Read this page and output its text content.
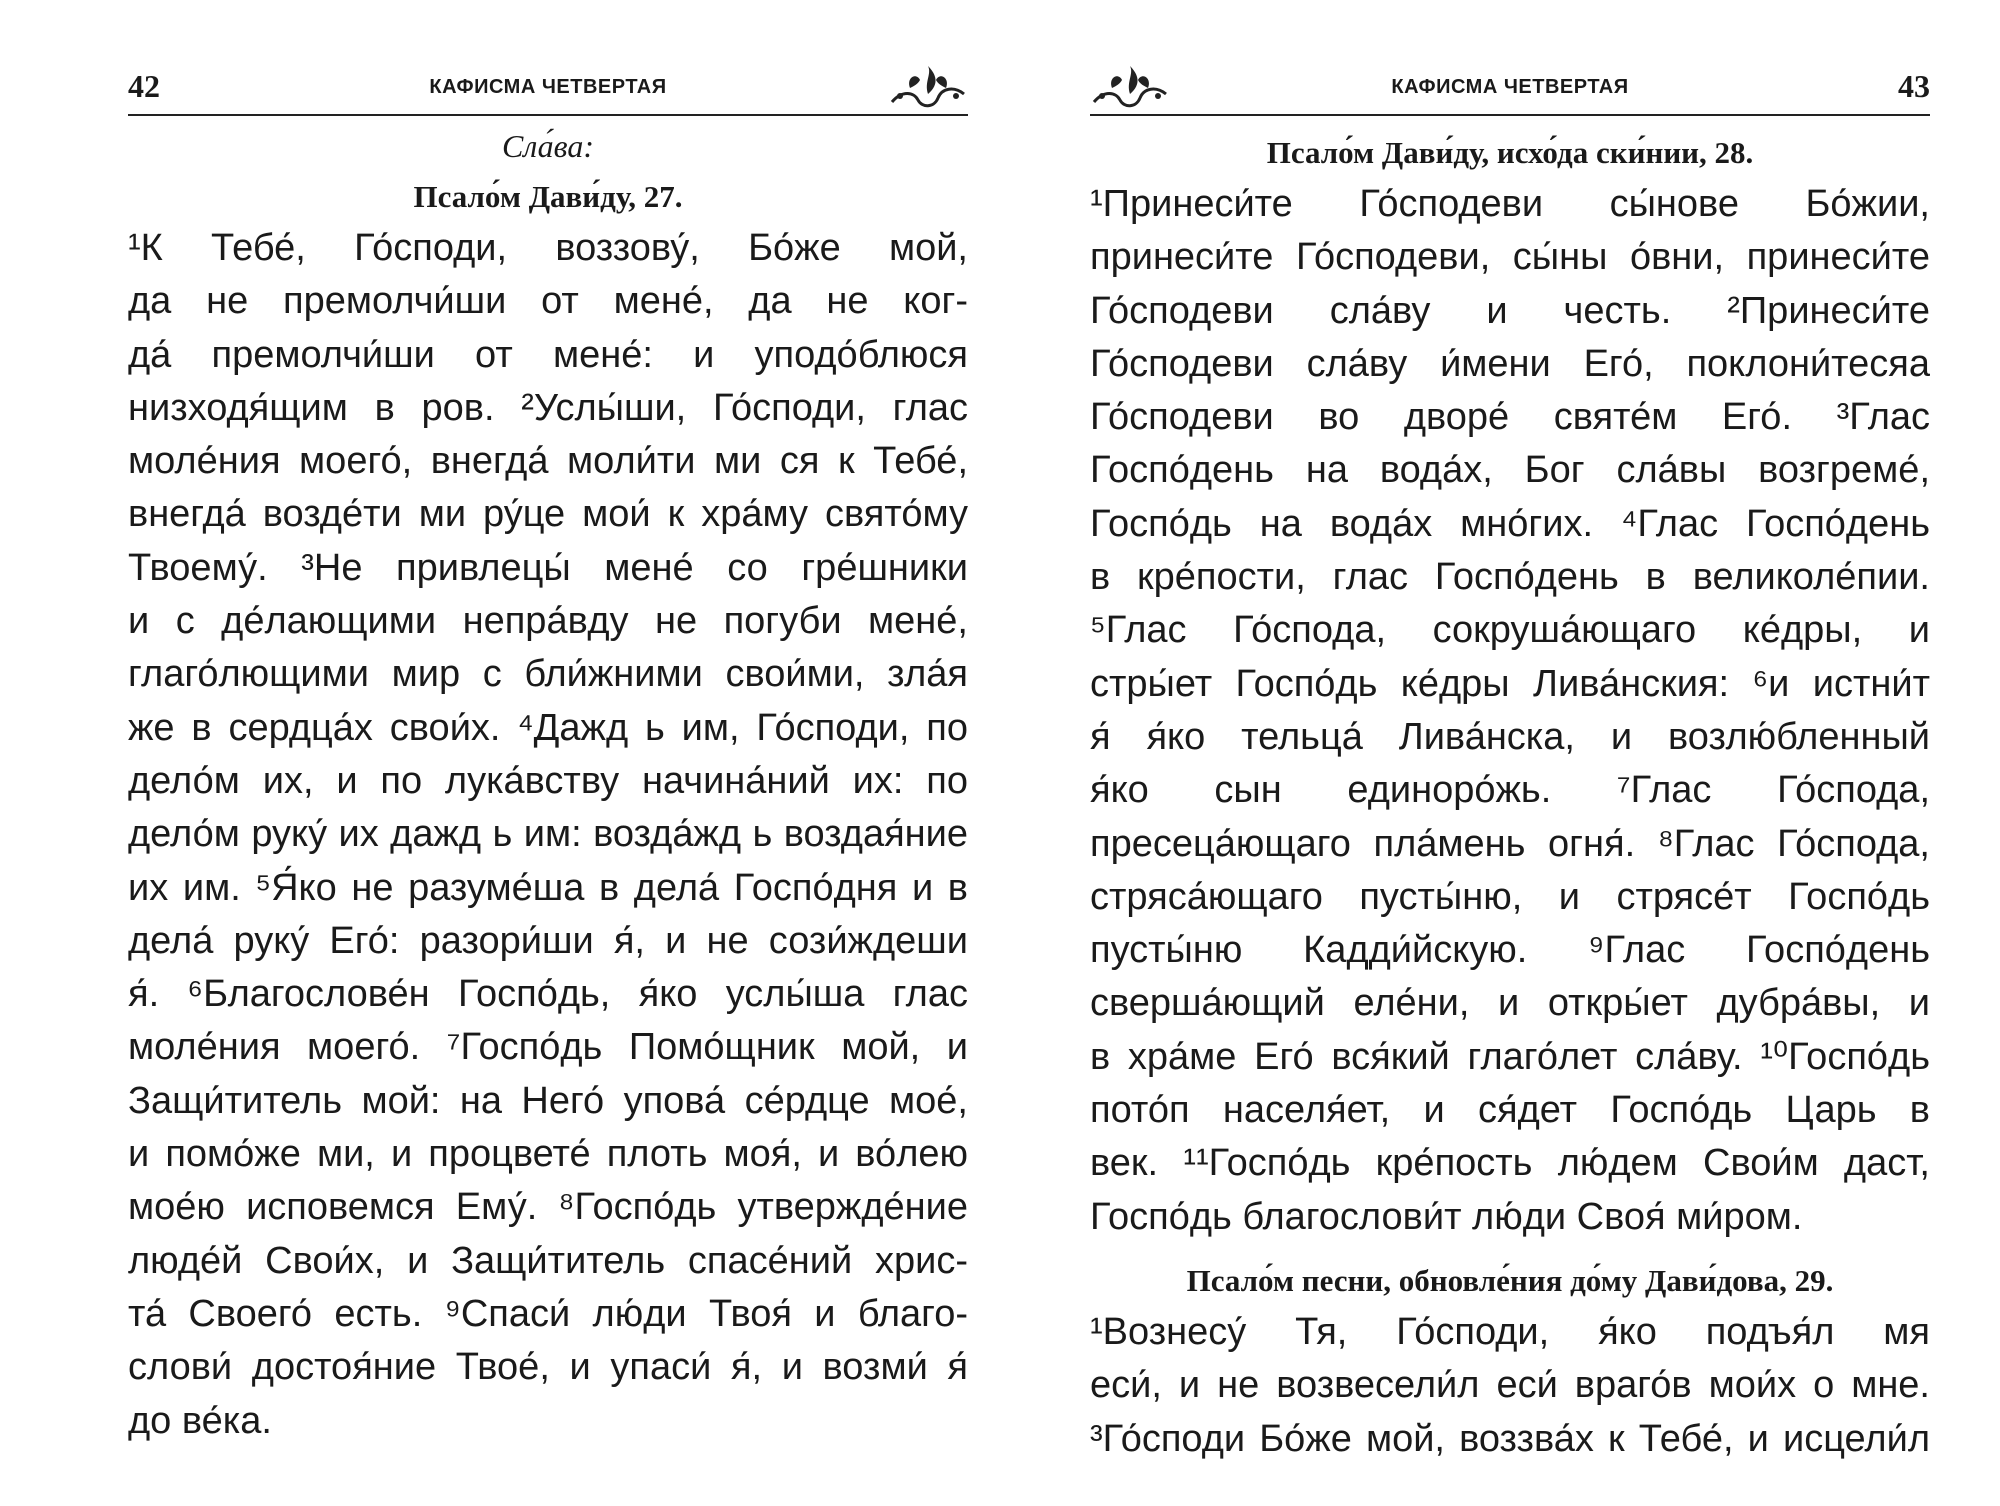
42	КАФИСМА ЧЕТВЕРТАЯ
Сла́ва:
Псало́м Дави́ду, 27.
¹К Тебе́, Го́споди, воззову́, Бо́же мой,
да не премолчи́ши от мене́, да не ког-
да́ премолчи́ши от мене́: и уподо́блюся
низходя́щим в ров. ²Услы́ши, Го́споди, глас
моле́ния моего́, внегда́ моли́ти ми ся к Тебе́,
внегда́ возде́ти ми ру́це мои́ к хра́му свято́му
Твоему́. ³Не привлецы́ мене́ со гре́шники
и с де́лающими непра́вду не погуби мене́,
глаго́лющими мир с бли́жними свои́ми, зла́я
же в сердца́х свои́х. ⁴Дажд ь им, Го́споди, по
дело́м их, и по лука́вству начина́ний их: по
дело́м руку́ их дажд ь им: возда́жд ь воздая́ние
их им. ⁵Я́ко не разуме́ша в дела́ Госпо́дня и в
дела́ руку́ Его́: разори́ши я́, и не сози́ждеши
я́. ⁶Благослове́н Госпо́дь, я́ко услы́ша глас
моле́ния моего́. ⁷Госпо́дь Помо́щник мой, и
Защи́титель мой: на Него́ упова́ се́рдце мое́,
и помо́же ми, и процвете́ плоть моя́, и во́лею
мое́ю исповемся Ему́. ⁸Госпо́дь утвержде́ние
люде́й Свои́х, и Защи́титель спасе́ний хрис-
та́ Своего́ есть. ⁹Спаси́ лю́ди Твоя́ и благо-
слови́ достоя́ние Твое́, и упаси́ я́, и возми́ я́
до ве́ка.
КАФИСМА ЧЕТВЕРТАЯ	43
Псало́м Дави́ду, исхо́да ски́нии, 28.
¹Принеси́те Го́сподеви сы́нове Бо́жии,
принеси́те Го́сподеви, сы́ны о́вни, принеси́те
Го́сподеви сла́ву и честь. ²Принеси́те
Го́сподеви сла́ву и́мени Его́, поклони́тесяа
Го́сподеви во дворе́ святе́м Его́. ³Глас
Госпо́день на вода́х, Бог сла́вы возгреме́,
Госпо́дь на вода́х мно́гих. ⁴Глас Госпо́день
в кре́пости, глас Госпо́день в великоле́пии.
⁵Глас Го́спода, сокруша́ющаго ке́дры, и
стры́ет Госпо́дь ке́дры Лива́нския: ⁶и истни́т
я́ я́ко тельца́ Лива́нска, и возлю́бленный
я́ко сын единоро́жь. ⁷Глас Го́спода,
пресеца́ющаго пла́мень огня́. ⁸Глас Го́спода,
стряса́ющаго пусты́ню, и стрясе́т Госпо́дь
пусты́ню Кадди́йскую. ⁹Глас Госпо́день
сверша́ющий еле́ни, и откры́ет дубра́вы, и
в хра́ме Его́ вся́кий глаго́лет сла́ву. ¹⁰Госпо́дь
пото́п населя́ет, и ся́дет Госпо́дь Царь в
век. ¹¹Госпо́дь кре́пость лю́дем Свои́м даст,
Госпо́дь благослови́т лю́ди Своя́ ми́ром.
Псало́м песни, обновле́ния до́му Дави́дова, 29.
¹Вознесу́ Тя, Го́споди, я́ко подъя́л мя
еси́, и не возвесели́л еси́ враго́в мои́х о мне.
³Го́споди Бо́же мой, воззва́х к Тебе́, и исцели́л
